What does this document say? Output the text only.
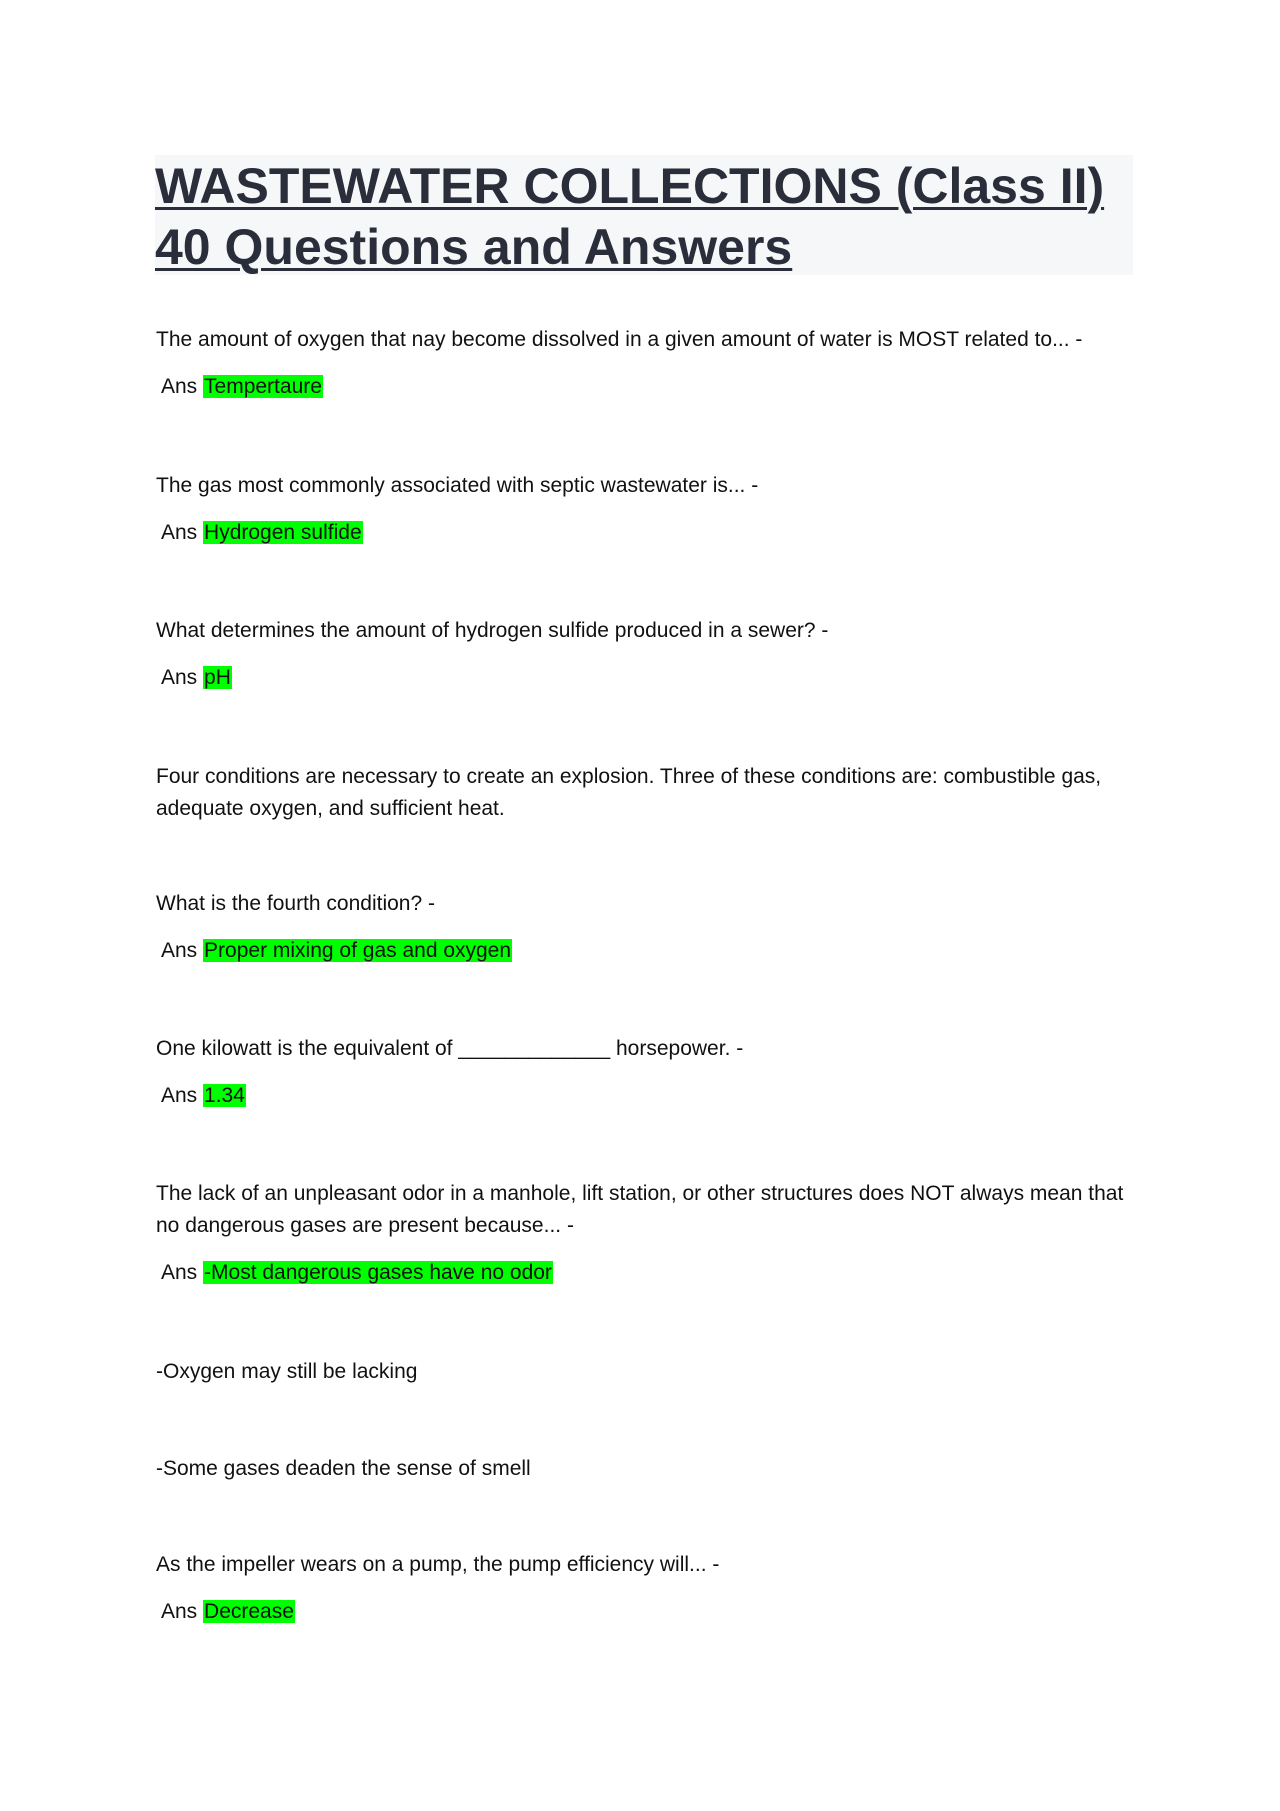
WASTEWATER COLLECTIONS (Class II) 40 Questions and Answers

The amount of oxygen that nay become dissolved in a given amount of water is MOST related to... -

Ans Tempertaure

The gas most commonly associated with septic wastewater is... -

Ans Hydrogen sulfide

What determines the amount of hydrogen sulfide produced in a sewer? -

Ans pH

Four conditions are necessary to create an explosion. Three of these conditions are: combustible gas, adequate oxygen, and sufficient heat.

What is the fourth condition? -

Ans Proper mixing of gas and oxygen

One kilowatt is the equivalent of _____________ horsepower. -

Ans 1.34

The lack of an unpleasant odor in a manhole, lift station, or other structures does NOT always mean that no dangerous gases are present because... -

Ans -Most dangerous gases have no odor

-Oxygen may still be lacking

-Some gases deaden the sense of smell

As the impeller wears on a pump, the pump efficiency will... -

Ans Decrease
